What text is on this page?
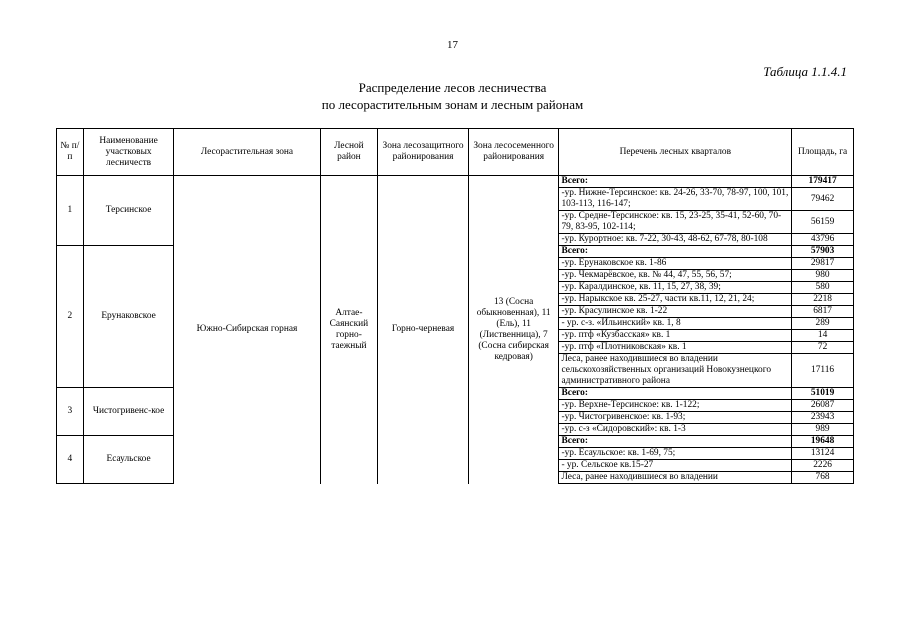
17
Таблица 1.1.4.1
Распределение лесов лесничества
по лесорастительным зонам и лесным районам
№ п/п	Наименование участковых лесничеств	Лесорастительная зона	Лесной район	Зона лесозащитного районирования	Зона лесосеменного районирования	Перечень лесных кварталов	Площадь, га
1	Терсинское	Южно-Сибирская горная	Алтае-Саянский горно-таежный	Горно-черневая	13 (Сосна обыкновенная), 11 (Ель), 11 (Лиственница), 7 (Сосна сибирская кедровая)	Всего:	179417
						-ур. Нижне-Терсинское: кв. 24-26, 33-70, 78-97, 100, 101, 103-113, 116-147;	79462
						-ур. Средне-Терсинское: кв. 15, 23-25, 35-41, 52-60, 70-79, 83-95, 102-114;	56159
						-ур. Курортное: кв. 7-22, 30-43, 48-62, 67-78, 80-108	43796
2	Ерунаковское					Всего:	57903
						-ур. Ерунаковское кв. 1-86	29817
						-ур. Чекмарёвское, кв. № 44, 47, 55, 56, 57;	980
						-ур. Каралдинское, кв. 11, 15, 27, 38, 39;	580
						-ур. Нарыкское кв. 25-27, части кв.11, 12, 21, 24;	2218
						-ур. Красулинское кв. 1-22	6817
						- ур. с-з. «Ильинский» кв. 1, 8	289
						-ур. птф «Кузбасская» кв. 1	14
						-ур. птф «Плотниковская» кв. 1	72
						Леса, ранее находившиеся во владении сельскохозяйственных организаций Новокузнецкого административного района	17116
3	Чистогривенс-кое					Всего:	51019
						-ур. Верхне-Терсинское: кв. 1-122;	26087
						-ур. Чистогривенское: кв. 1-93;	23943
						-ур. с-з «Сидоровский»: кв. 1-3	989
4	Есаульское					Всего:	19648
						-ур. Есаульское: кв. 1-69, 75;	13124
						- ур. Сельское кв.15-27	2226
						Леса, ранее находившиеся во владении	768
